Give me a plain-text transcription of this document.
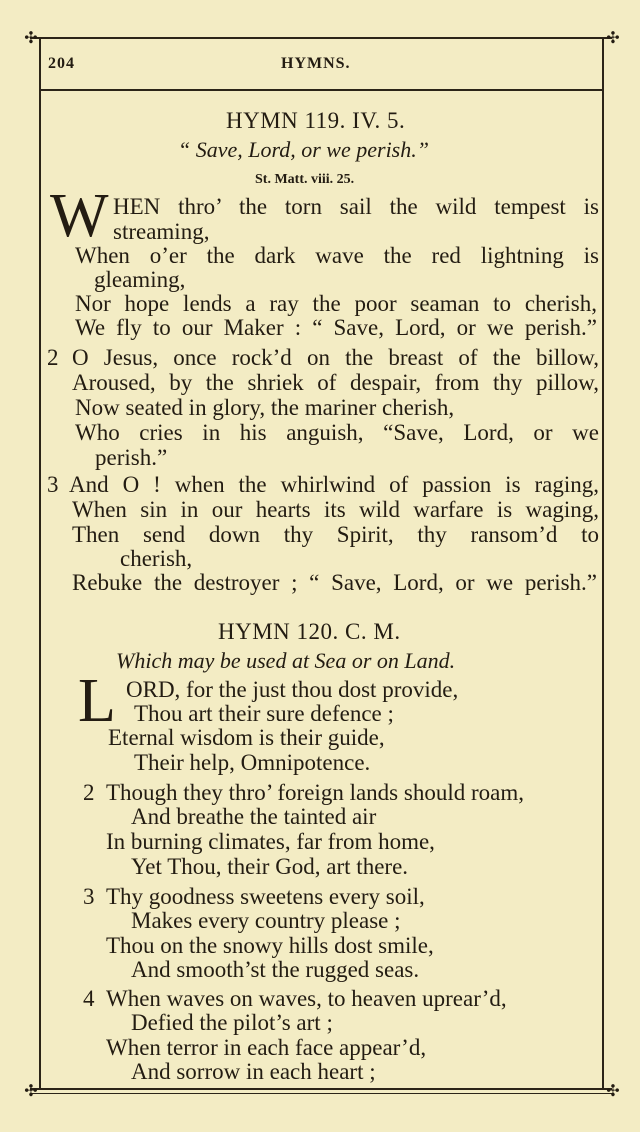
✣	✣
✣	✣
204	HYMNS.
HYMN 119. IV. 5.
“ Save, Lord, or we perish.”
St. Matt. viii. 25.
W HEN thro’ the torn sail the wild tempest is
streaming,
When o’er the dark wave the red lightning is
gleaming,
Nor hope lends a ray the poor seaman to cherish,
We fly to our Maker : “ Save, Lord, or we perish.”
2 O Jesus, once rock’d on the breast of the billow,
Aroused, by the shriek of despair, from thy pillow,
Now seated in glory, the mariner cherish,
Who cries in his anguish, “Save, Lord, or we
perish.”
3 And O ! when the whirlwind of passion is raging,
When sin in our hearts its wild warfare is waging,
Then send down thy Spirit, thy ransom’d to
cherish,
Rebuke the destroyer ; “ Save, Lord, or we perish.”
HYMN 120. C. M.
Which may be used at Sea or on Land.
L ORD, for the just thou dost provide,
Thou art their sure defence ;
Eternal wisdom is their guide,
Their help, Omnipotence.
2 Though they thro’ foreign lands should roam,
And breathe the tainted air
In burning climates, far from home,
Yet Thou, their God, art there.
3 Thy goodness sweetens every soil,
Makes every country please ;
Thou on the snowy hills dost smile,
And smooth’st the rugged seas.
4 When waves on waves, to heaven uprear’d,
Defied the pilot’s art ;
When terror in each face appear’d,
And sorrow in each heart ;
